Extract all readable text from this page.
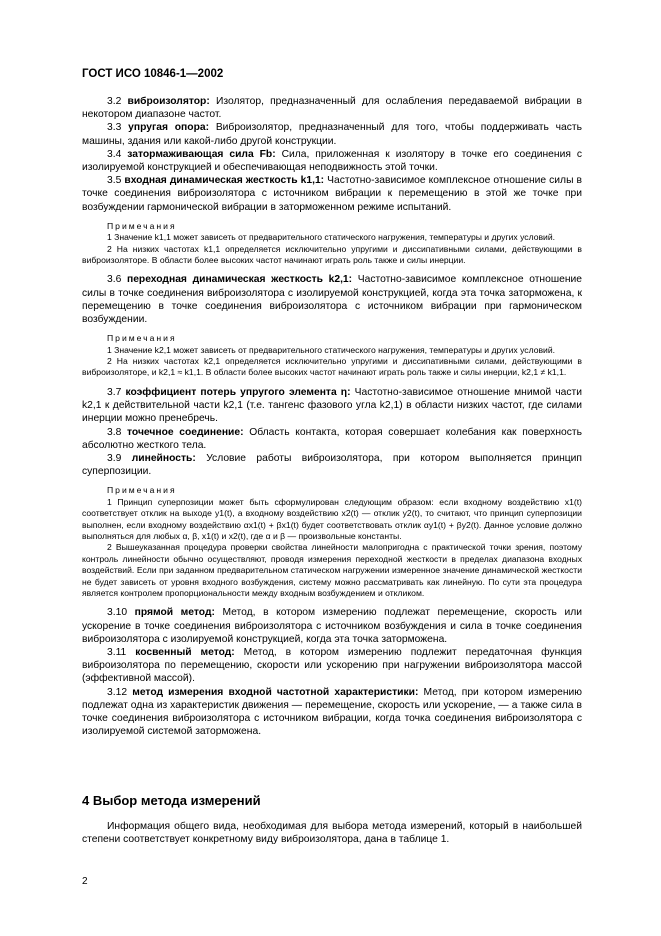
ГОСТ ИСО 10846-1—2002

3.2 виброизолятор: Изолятор, предназначенный для ослабления передаваемой вибрации в некотором диапазоне частот.

3.3 упругая опора: Виброизолятор, предназначенный для того, чтобы поддерживать часть машины, здания или какой-либо другой конструкции.

3.4 затормаживающая сила Fb: Сила, приложенная к изолятору в точке его соединения с изолируемой конструкцией и обеспечивающая неподвижность этой точки.

3.5 входная динамическая жесткость k1,1: Частотно-зависимое комплексное отношение силы в точке соединения виброизолятора с источником вибрации к перемещению в этой же точке при возбуждении гармонической вибрации в заторможенном режиме испытаний.

Примечания

1 Значение k1,1 может зависеть от предварительного статического нагружения, температуры и других условий.

2 На низких частотах k1,1 определяется исключительно упругими и диссипативными силами, действующими в виброизоляторе. В области более высоких частот начинают играть роль также и силы инерции.

3.6 переходная динамическая жесткость k2,1: Частотно-зависимое комплексное отношение силы в точке соединения виброизолятора с изолируемой конструкцией, когда эта точка заторможена, к перемещению в точке соединения виброизолятора с источником вибрации при гармоническом возбуждении.

Примечания

1 Значение k2,1 может зависеть от предварительного статического нагружения, температуры и других условий.

2 На низких частотах k2,1 определяется исключительно упругими и диссипативными силами, действующими в виброизоляторе, и k2,1 ≈ k1,1. В области более высоких частот начинают играть роль также и силы инерции, k2,1 ≠ k1,1.

3.7 коэффициент потерь упругого элемента η: Частотно-зависимое отношение мнимой части k2,1 к действительной части k2,1 (т.е. тангенс фазового угла k2,1) в области низких частот, где силами инерции можно пренебречь.

3.8 точечное соединение: Область контакта, которая совершает колебания как поверхность абсолютно жесткого тела.

3.9 линейность: Условие работы виброизолятора, при котором выполняется принцип суперпозиции.

Примечания

1 Принцип суперпозиции может быть сформулирован следующим образом: если входному воздействию x1(t) соответствует отклик на выходе y1(t), а входному воздействию x2(t) — отклик y2(t), то считают, что принцип суперпозиции выполнен, если входному воздействию αx1(t) + βx1(t) будет соответствовать отклик αy1(t) + βy2(t). Данное условие должно выполняться для любых α, β, x1(t) и x2(t), где α и β — произвольные константы.

2 Вышеуказанная процедура проверки свойства линейности малопригодна с практической точки зрения, поэтому контроль линейности обычно осуществляют, проводя измерения переходной жесткости в пределах диапазона входных воздействий. Если при заданном предварительном статическом нагружении измеренное значение динамической жесткости не будет зависеть от уровня входного возбуждения, систему можно рассматривать как линейную. По сути эта процедура является контролем пропорциональности между входным возбуждением и откликом.

3.10 прямой метод: Метод, в котором измерению подлежат перемещение, скорость или ускорение в точке соединения виброизолятора с источником возбуждения и сила в точке соединения виброизолятора с изолируемой конструкцией, когда эта точка заторможена.

3.11 косвенный метод: Метод, в котором измерению подлежит передаточная функция виброизолятора по перемещению, скорости или ускорению при нагружении виброизолятора массой (эффективной массой).

3.12 метод измерения входной частотной характеристики: Метод, при котором измерению подлежат одна из характеристик движения — перемещение, скорость или ускорение, — а также сила в точке соединения виброизолятора с источником вибрации, когда точка соединения виброизолятора с изолируемой системой заторможена.

4 Выбор метода измерений

Информация общего вида, необходимая для выбора метода измерений, который в наибольшей степени соответствует конкретному виду виброизолятора, дана в таблице 1.

2
